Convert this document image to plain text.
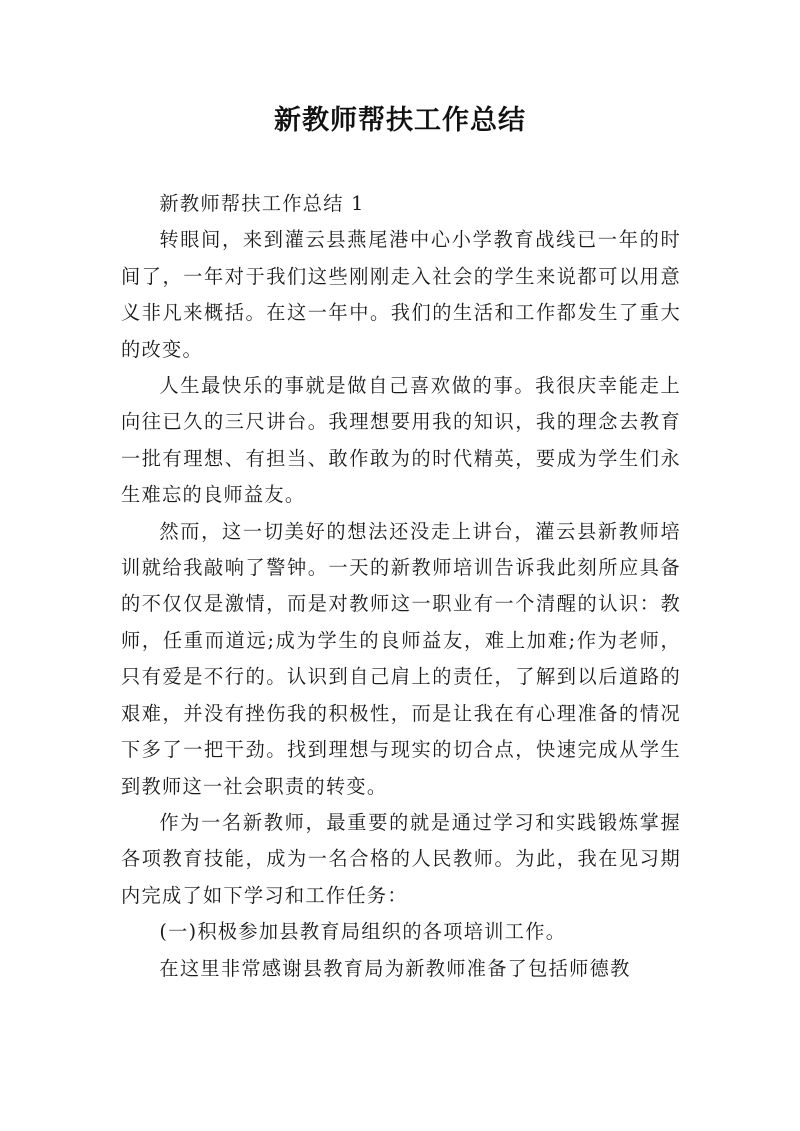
新教师帮扶工作总结

新教师帮扶工作总结 1

转眼间，来到灌云县燕尾港中心小学教育战线已一年的时间了，一年对于我们这些刚刚走入社会的学生来说都可以用意义非凡来概括。在这一年中。我们的生活和工作都发生了重大的改变。

人生最快乐的事就是做自己喜欢做的事。我很庆幸能走上向往已久的三尺讲台。我理想要用我的知识，我的理念去教育一批有理想、有担当、敢作敢为的时代精英，要成为学生们永生难忘的良师益友。

然而，这一切美好的想法还没走上讲台，灌云县新教师培训就给我敲响了警钟。一天的新教师培训告诉我此刻所应具备的不仅仅是激情，而是对教师这一职业有一个清醒的认识：教师，任重而道远;成为学生的良师益友，难上加难;作为老师，只有爱是不行的。认识到自己肩上的责任，了解到以后道路的艰难，并没有挫伤我的积极性，而是让我在有心理准备的情况下多了一把干劲。找到理想与现实的切合点，快速完成从学生到教师这一社会职责的转变。

作为一名新教师，最重要的就是通过学习和实践锻炼掌握各项教育技能，成为一名合格的人民教师。为此，我在见习期内完成了如下学习和工作任务：

(一)积极参加县教育局组织的各项培训工作。

在这里非常感谢县教育局为新教师准备了包括师德教
